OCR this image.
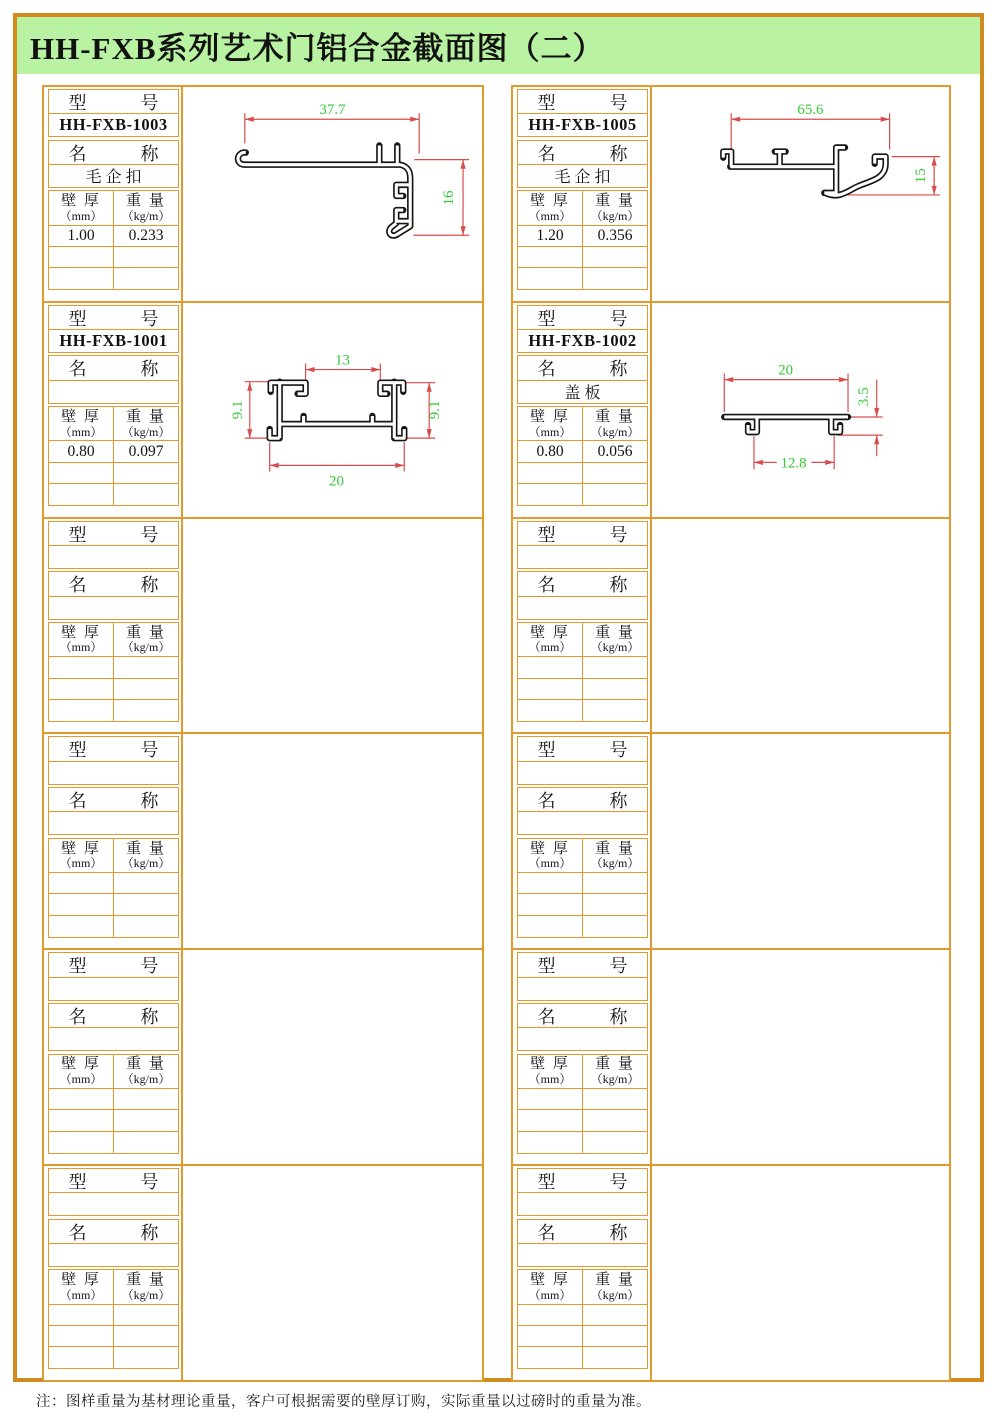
HH-FXB系列艺术门铝合金截面图（二）
型　　　号
HH-FXB-1003
名　　　称
毛 企 扣
壁 厚
（mm）
重 量
（kg/m）
1.00	0.233
37.7
16
型　　　号
HH-FXB-1001
名　　　称
壁 厚
（mm）
重 量
（kg/m）
0.80	0.097
13
9.1	9.1
20
型　　　号
名　　　称
壁 厚
（mm）
重 量
（kg/m）
型　　　号
名　　　称
壁 厚
（mm）
重 量
（kg/m）
型　　　号
名　　　称
壁 厚
（mm）
重 量
（kg/m）
型　　　号
名　　　称
壁 厚
（mm）
重 量
（kg/m）
型　　　号
HH-FXB-1005
名　　　称
毛 企 扣
壁 厚
（mm）
重 量
（kg/m）
1.20	0.356
65.6
15
型　　　号
HH-FXB-1002
名　　　称
盖 板
壁 厚
（mm）
重 量
（kg/m）
0.80	0.056
20
12.8
3.5
型　　　号
名　　　称
壁 厚
（mm）
重 量
（kg/m）
型　　　号
名　　　称
壁 厚
（mm）
重 量
（kg/m）
型　　　号
名　　　称
壁 厚
（mm）
重 量
（kg/m）
型　　　号
名　　　称
壁 厚
（mm）
重 量
（kg/m）
注：图样重量为基材理论重量，客户可根据需要的壁厚订购，实际重量以过磅时的重量为准。
